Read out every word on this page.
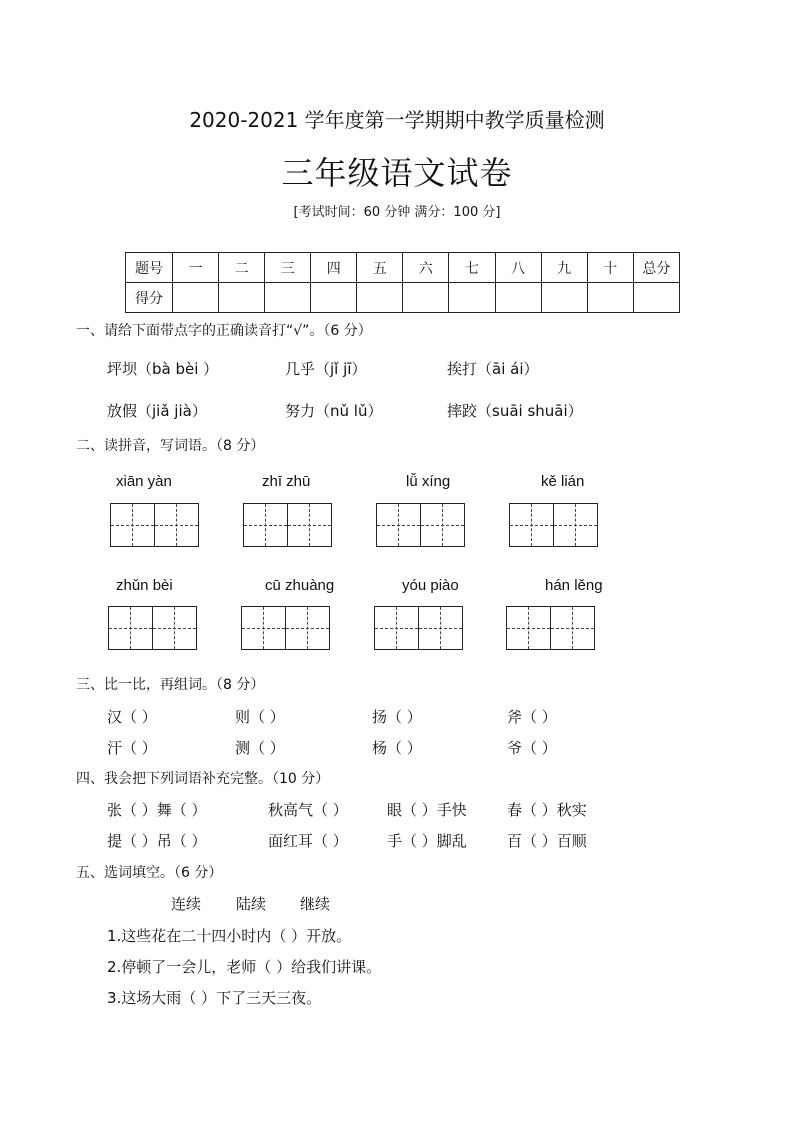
2020-2021 学年度第一学期期中教学质量检测
三年级语文试卷
[考试时间：60 分钟 满分：100 分]
题号	一	二	三	四	五	六	七	八	九	十	总分
得分											
一、请给下面带点字的正确读音打“√”。（6 分）
坪坝（bà bèi ）	几乎（jǐ jī）	挨打（āi ái）
放假（jiǎ jià）	努力（nǔ lǔ）	摔跤（suāi shuāi）
二、读拼音，写词语。（8 分）
xiān yàn	zhī zhū	lǚ xíng	kě lián
zhǔn bèi	cū zhuàng	yóu piào	hán lěng
三、比一比，再组词。（8 分）
汉（ ）	则（ ）	扬（ ）	斧（ ）
汗（ ）	测（ ）	杨（ ）	爷（ ）
四、我会把下列词语补充完整。（10 分）
张（ ）舞（ ）	秋高气（ ）	眼（ ）手快	春（ ）秋实
提（ ）吊（ ）	面红耳（ ）	手（ ）脚乱	百（ ）百顺
五、选词填空。（6 分）
连续 陆续 继续
1.这些花在二十四小时内（ ）开放。
2.停顿了一会儿，老师（ ）给我们讲课。
3.这场大雨（ ）下了三天三夜。
